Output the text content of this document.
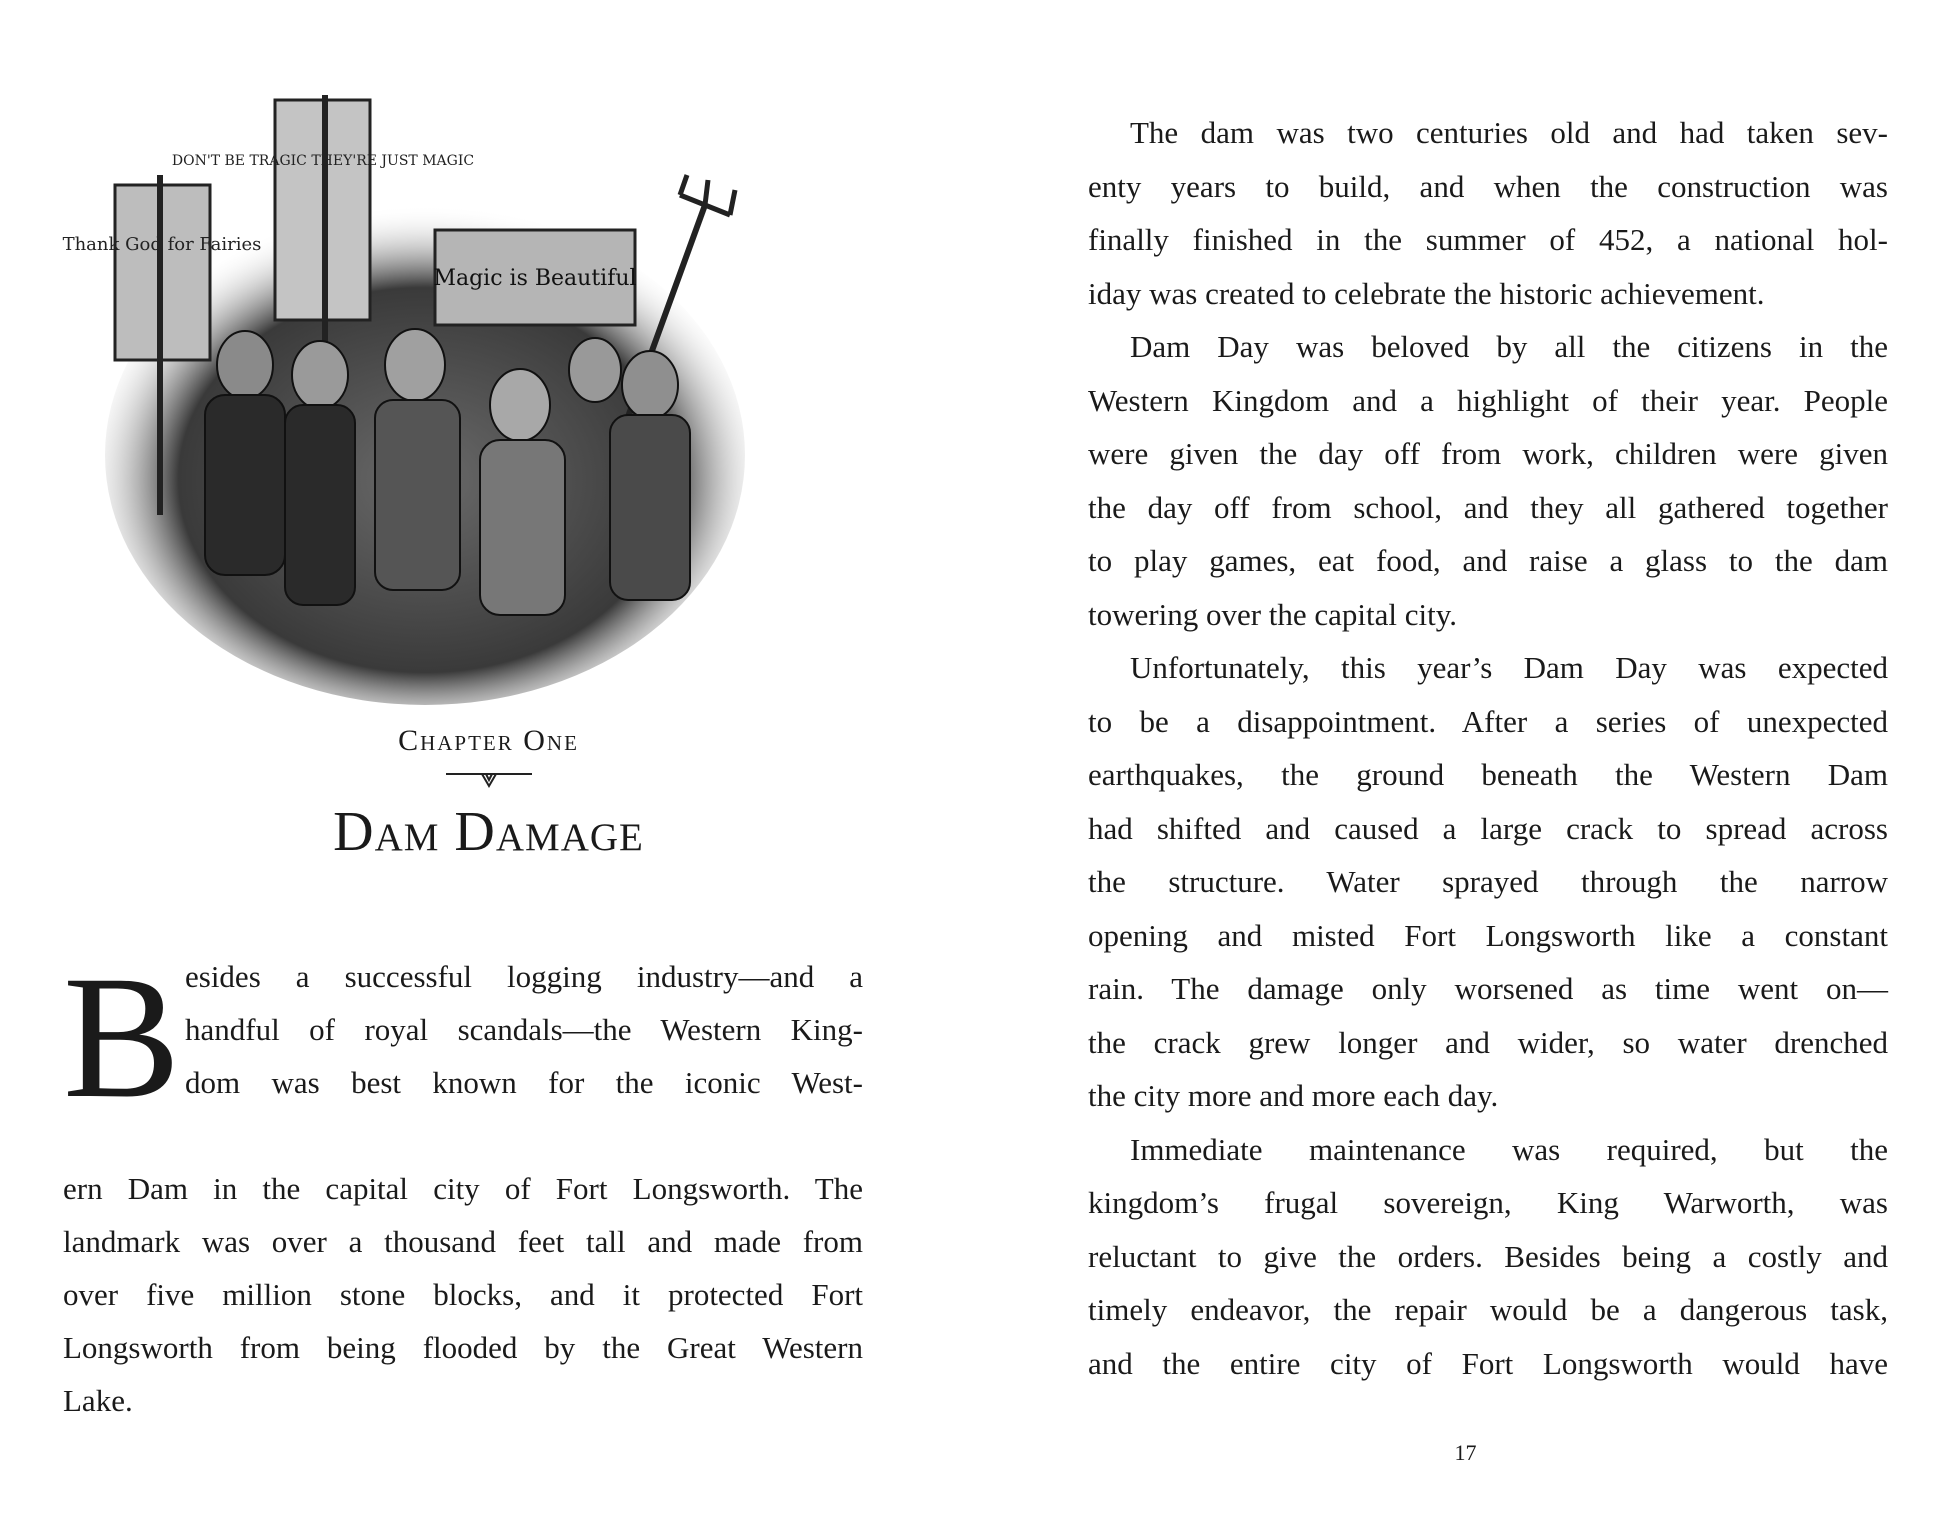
Thank God for Fairies
DON'T BE TRAGIC THEY'RE JUST MAGIC
Magic is Beautiful
Chapter One
Dam Damage
B esides a successful logging industry—and a
handful of royal scandals—the Western King-
dom was best known for the iconic West-
ern Dam in the capital city of Fort Longsworth. The
landmark was over a thousand feet tall and made from
over five million stone blocks, and it protected Fort
Longsworth from being flooded by the Great Western
Lake.
The dam was two centuries old and had taken sev-
enty years to build, and when the construction was
finally finished in the summer of 452, a national hol-
iday was created to celebrate the historic achievement.
Dam Day was beloved by all the citizens in the
Western Kingdom and a highlight of their year. People
were given the day off from work, children were given
the day off from school, and they all gathered together
to play games, eat food, and raise a glass to the dam
towering over the capital city.
Unfortunately, this year’s Dam Day was expected
to be a disappointment. After a series of unexpected
earthquakes, the ground beneath the Western Dam
had shifted and caused a large crack to spread across
the structure. Water sprayed through the narrow
opening and misted Fort Longsworth like a constant
rain. The damage only worsened as time went on—
the crack grew longer and wider, so water drenched
the city more and more each day.
Immediate maintenance was required, but the
kingdom’s frugal sovereign, King Warworth, was
reluctant to give the orders. Besides being a costly and
timely endeavor, the repair would be a dangerous task,
and the entire city of Fort Longsworth would have
17
